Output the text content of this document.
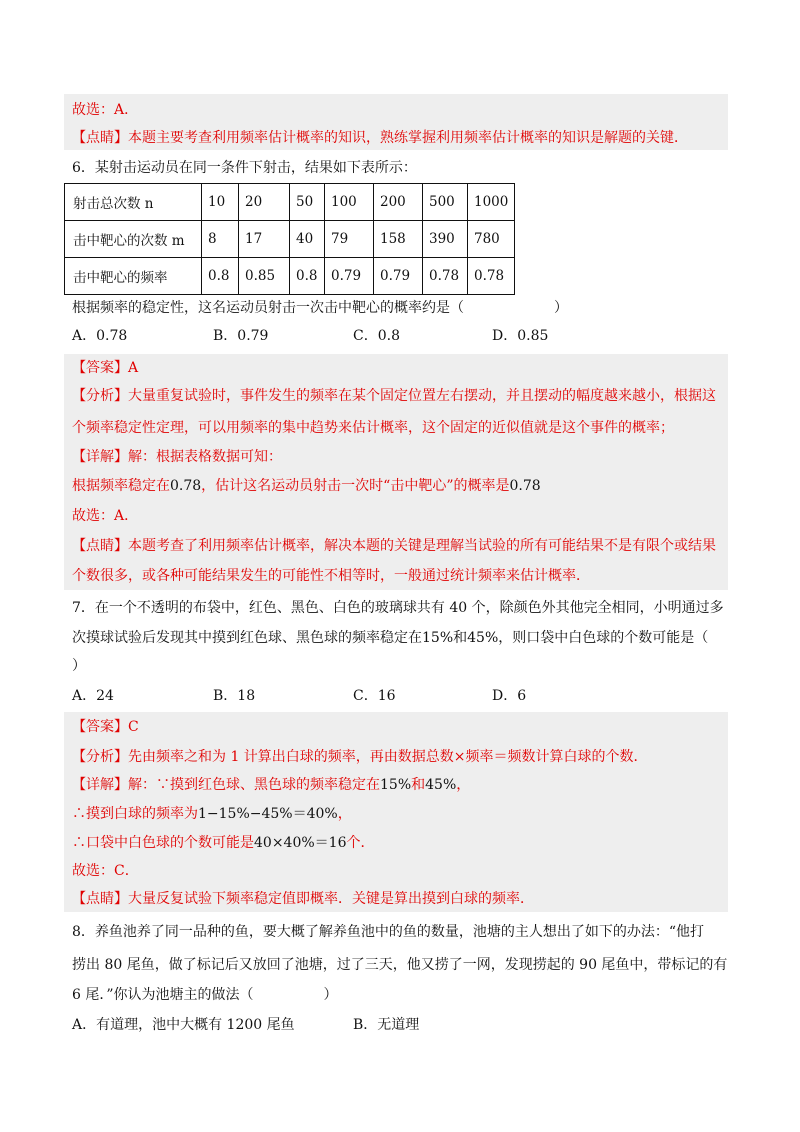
故选：A．
【点睛】本题主要考查利用频率估计概率的知识，熟练掌握利用频率估计概率的知识是解题的关键．
6．某射击运动员在同一条件下射击，结果如下表所示：
射击总次数 n	10	20	50	100	200	500	1000
击中靶心的次数 m	8	17	40	79	158	390	780
击中靶心的频率	0.8	0.85	0.8	0.79	0.79	0.78	0.78
根据频率的稳定性，这名运动员射击一次击中靶心的概率约是（	）
A．0.78	B．0.79	C．0.8	D．0.85
【答案】A
【分析】大量重复试验时，事件发生的频率在某个固定位置左右摆动，并且摆动的幅度越来越小，根据这
个频率稳定性定理，可以用频率的集中趋势来估计概率，这个固定的近似值就是这个事件的概率；
【详解】解：根据表格数据可知：
根据频率稳定在0.78，估计这名运动员射击一次时“击中靶心”的概率是0.78
故选：A．
【点睛】本题考查了利用频率估计概率，解决本题的关键是理解当试验的所有可能结果不是有限个或结果
个数很多，或各种可能结果发生的可能性不相等时，一般通过统计频率来估计概率．
7．在一个不透明的布袋中，红色、黑色、白色的玻璃球共有 40 个，除颜色外其他完全相同，小明通过多
次摸球试验后发现其中摸到红色球、黑色球的频率稳定在15%和45%，则口袋中白色球的个数可能是（
）
A．24	B．18	C．16	D．6
【答案】C
【分析】先由频率之和为 1 计算出白球的频率，再由数据总数×频率＝频数计算白球的个数．
【详解】解：∵摸到红色球、黑色球的频率稳定在15%和45%，
∴摸到白球的频率为1−15%−45%＝40%，
∴口袋中白色球的个数可能是40×40%＝16个．
故选：C．
【点睛】大量反复试验下频率稳定值即概率．关键是算出摸到白球的频率．
8．养鱼池养了同一品种的鱼，要大概了解养鱼池中的鱼的数量，池塘的主人想出了如下的办法：“他打
捞出 80 尾鱼，做了标记后又放回了池塘，过了三天，他又捞了一网，发现捞起的 90 尾鱼中，带标记的有
6 尾．”你认为池塘主的做法（	）
A．有道理，池中大概有 1200 尾鱼	B．无道理
